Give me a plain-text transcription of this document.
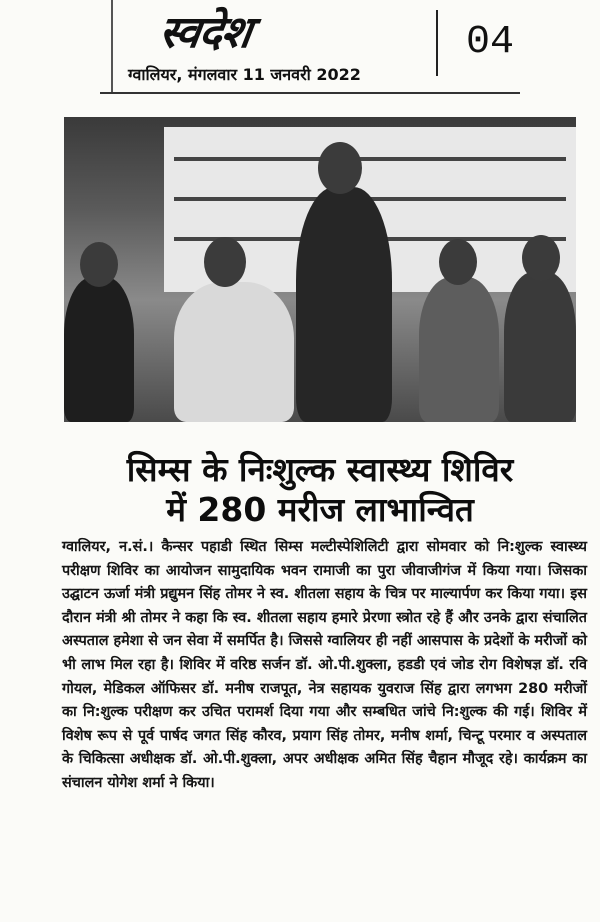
स्वदेश
ग्वालियर, मंगलवार 11 जनवरी 2022
04
सिम्स के निःशुल्क स्वास्थ्य शिविर
में 280 मरीज लाभान्वित
ग्वालियर, न.सं.। कैन्सर पहाडी स्थित सिम्स मल्टीस्पेशिलिटी द्वारा सोमवार को नि:शुल्क स्वास्थ्य परीक्षण शिविर का आयोजन सामुदायिक भवन रामाजी का पुरा जीवाजीगंज में किया गया। जिसका उद्घाटन ऊर्जा मंत्री प्रद्युमन सिंह तोमर ने स्व. शीतला सहाय के चित्र पर माल्यार्पण कर किया गया। इस दौरान मंत्री श्री तोमर ने कहा कि स्व. शीतला सहाय हमारे प्रेरणा स्त्रोत रहे हैं और उनके द्वारा संचालित अस्पताल हमेशा से जन सेवा में समर्पित है। जिससे ग्वालियर ही नहीं आसपास के प्रदेशों के मरीजों को भी लाभ मिल रहा है। शिविर में वरिष्ठ सर्जन डॉ. ओ.पी.शुक्ला, हडडी एवं जोड रोग विशेषज्ञ डॉ. रवि गोयल, मेडिकल ऑफिसर डॉ. मनीष राजपूत, नेत्र सहायक युवराज सिंह द्वारा लगभग 280 मरीजों का नि:शुल्क परीक्षण कर उचित परामर्श दिया गया और सम्बधित जांचे नि:शुल्क की गई। शिविर में विशेष रूप से पूर्व पार्षद जगत सिंह कौरव, प्रयाग सिंह तोमर, मनीष शर्मा, चिन्टू परमार व अस्पताल के चिकित्सा अधीक्षक डॉ. ओ.पी.शुक्ला, अपर अधीक्षक अमित सिंह चैहान मौजूद रहे। कार्यक्रम का संचालन योगेश शर्मा ने किया।
